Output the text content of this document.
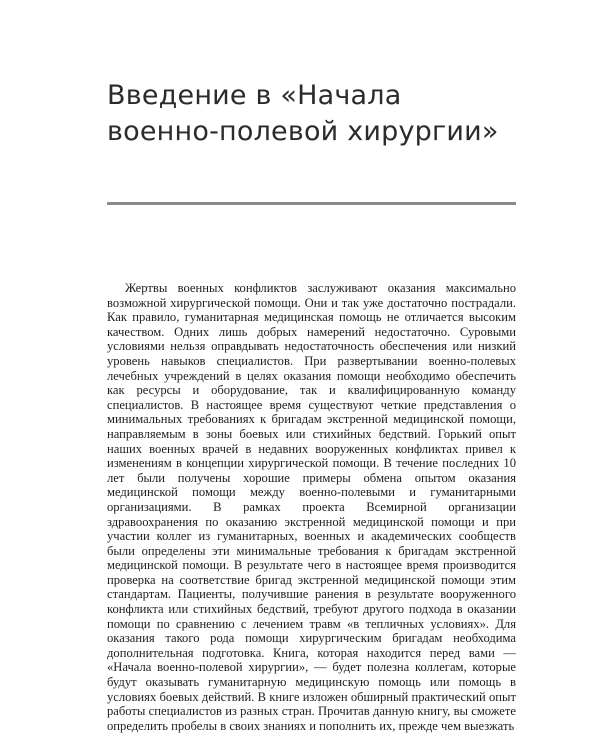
Введение в «Начала
военно-полевой хирургии»

Жертвы военных конфликтов заслуживают оказания максимально возможной хирургической помощи. Они и так уже достаточно пострадали. Как правило, гуманитарная медицинская помощь не отличается высоким качеством. Одних лишь добрых намерений недостаточно. Суровыми условиями нельзя оправдывать недостаточность обеспечения или низкий уровень навыков специалистов. При развертывании военно-полевых лечебных учреждений в целях оказания помощи необходимо обеспечить как ресурсы и оборудование, так и квалифицированную команду специалистов. В настоящее время существуют четкие представления о минимальных требованиях к бригадам экстренной медицинской помощи, направляемым в зоны боевых или стихийных бедствий. Горький опыт наших военных врачей в недавних вооруженных конфликтах привел к изменениям в концепции хирургической помощи. В течение последних 10 лет были получены хорошие примеры обмена опытом оказания медицинской помощи между военно-полевыми и гуманитарными организациями. В рамках проекта Всемирной организации здравоохранения по оказанию экстренной медицинской помощи и при участии коллег из гуманитарных, военных и академических сообществ были определены эти минимальные требования к бригадам экстренной медицинской помощи. В результате чего в настоящее время производится проверка на соответствие бригад экстренной медицинской помощи этим стандартам. Пациенты, получившие ранения в результате вооруженного конфликта или стихийных бедствий, требуют другого подхода в оказании помощи по сравнению с лечением травм «в тепличных условиях». Для оказания такого рода помощи хирургическим бригадам необходима дополнительная подготовка. Книга, которая находится перед вами — «Начала военно-полевой хирургии», — будет полезна коллегам, которые будут оказывать гуманитарную медицинскую помощь или помощь в условиях боевых действий. В книге изложен обширный практический опыт работы специалистов из разных стран. Прочитав данную книгу, вы сможете определить пробелы в своих знаниях и пополнить их, прежде чем выезжать
